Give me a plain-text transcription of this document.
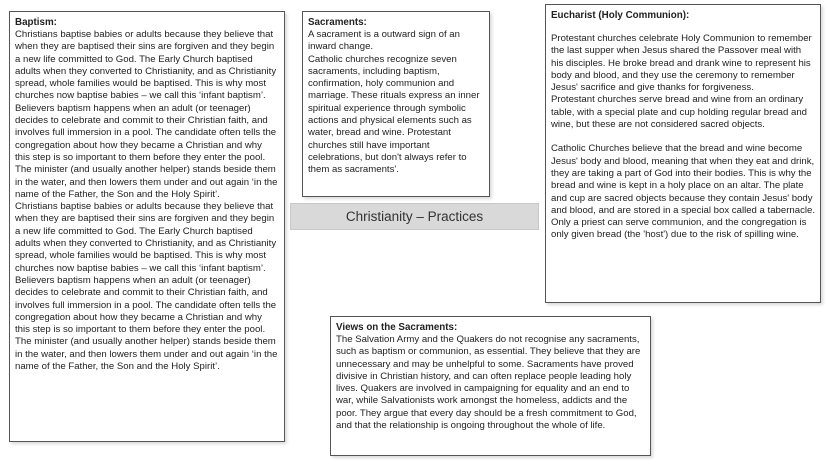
Baptism:

Christians baptise babies or adults because they believe that when they are baptised their sins are forgiven and they begin a new life committed to God. The Early Church baptised adults when they converted to Christianity, and as Christianity spread, whole families would be baptised. This is why most churches now baptise babies – we call this ‘infant baptism’. Believers baptism happens when an adult (or teenager) decides to celebrate and commit to their Christian faith, and involves full immersion in a pool. The candidate often tells the congregation about how they became a Christian and why this step is so important to them before they enter the pool. The minister (and usually another helper) stands beside them in the water, and then lowers them under and out again ‘in the name of the Father, the Son and the Holy Spirit’.

Christians baptise babies or adults because they believe that when they are baptised their sins are forgiven and they begin a new life committed to God. The Early Church baptised adults when they converted to Christianity, and as Christianity spread, whole families would be baptised. This is why most churches now baptise babies – we call this ‘infant baptism’. Believers baptism happens when an adult (or teenager) decides to celebrate and commit to their Christian faith, and involves full immersion in a pool. The candidate often tells the congregation about how they became a Christian and why this step is so important to them before they enter the pool. The minister (and usually another helper) stands beside them in the water, and then lowers them under and out again ‘in the name of the Father, the Son and the Holy Spirit’.

Sacraments:

A sacrament is a outward sign of an inward change.

Catholic churches recognize seven sacraments, including baptism, confirmation, holy communion and marriage. These rituals express an inner spiritual experience through symbolic actions and physical elements such as water, bread and wine. Protestant churches still have important celebrations, but don't always refer to them as sacraments'.

Christianity – Practices
Eucharist (Holy Communion):

Protestant churches celebrate Holy Communion to remember the last supper when Jesus shared the Passover meal with his disciples. He broke bread and drank wine to represent his body and blood, and they use the ceremony to remember Jesus' sacrifice and give thanks for forgiveness.

Protestant churches serve bread and wine from an ordinary table, with a special plate and cup holding regular bread and wine, but these are not considered sacred objects.

Catholic Churches believe that the bread and wine become Jesus' body and blood, meaning that when they eat and drink, they are taking a part of God into their bodies. This is why the bread and wine is kept in a holy place on an altar. The plate and cup are sacred objects because they contain Jesus' body and blood, and are stored in a special box called a tabernacle. Only a priest can serve communion, and the congregation is only given bread (the 'host') due to the risk of spilling wine.

Views on the Sacraments:

The Salvation Army and the Quakers do not recognise any sacraments, such as baptism or communion, as essential. They believe that they are unnecessary and may be unhelpful to some. Sacraments have proved divisive in Christian history, and can often replace people leading holy lives. Quakers are involved in campaigning for equality and an end to war, while Salvationists work amongst the homeless, addicts and the poor. They argue that every day should be a fresh commitment to God, and that the relationship is ongoing throughout the whole of life.
